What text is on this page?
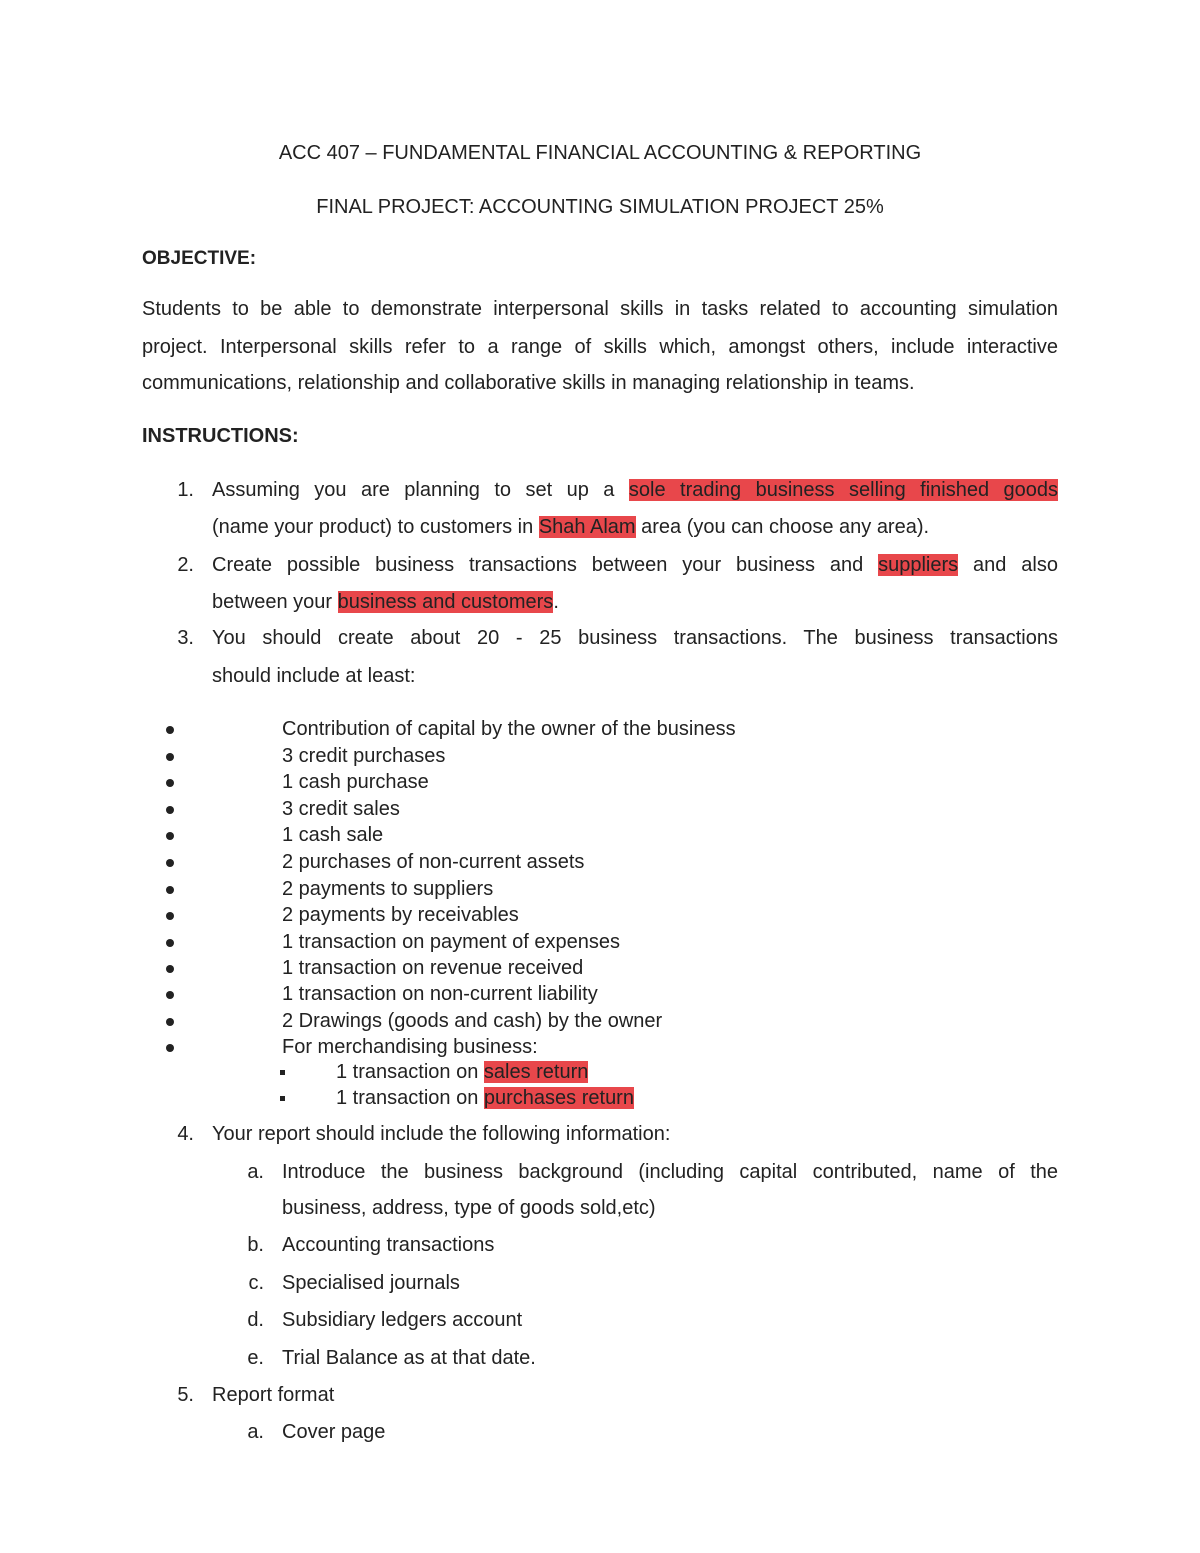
ACC 407 – FUNDAMENTAL FINANCIAL ACCOUNTING & REPORTING
FINAL PROJECT: ACCOUNTING SIMULATION PROJECT 25%
OBJECTIVE:
Students to be able to demonstrate interpersonal skills in tasks related to accounting simulation
project. Interpersonal skills refer to a range of skills which, amongst others, include interactive
communications, relationship and collaborative skills in managing relationship in teams.
INSTRUCTIONS:
1. Assuming you are planning to set up a sole trading business selling finished goods
(name your product) to customers in Shah Alam area (you can choose any area).
2. Create possible business transactions between your business and suppliers and also
between your business and customers.
3. You should create about 20 - 25 business transactions. The business transactions
should include at least:
Contribution of capital by the owner of the business
3 credit purchases
1 cash purchase
3 credit sales
1 cash sale
2 purchases of non-current assets
2 payments to suppliers
2 payments by receivables
1 transaction on payment of expenses
1 transaction on revenue received
1 transaction on non-current liability
2 Drawings (goods and cash) by the owner
For merchandising business:
1 transaction on sales return
1 transaction on purchases return
4. Your report should include the following information:
a. Introduce the business background (including capital contributed, name of the
business, address, type of goods sold,etc)
b. Accounting transactions
c. Specialised journals
d. Subsidiary ledgers account
e. Trial Balance as at that date.
5. Report format
a. Cover page
